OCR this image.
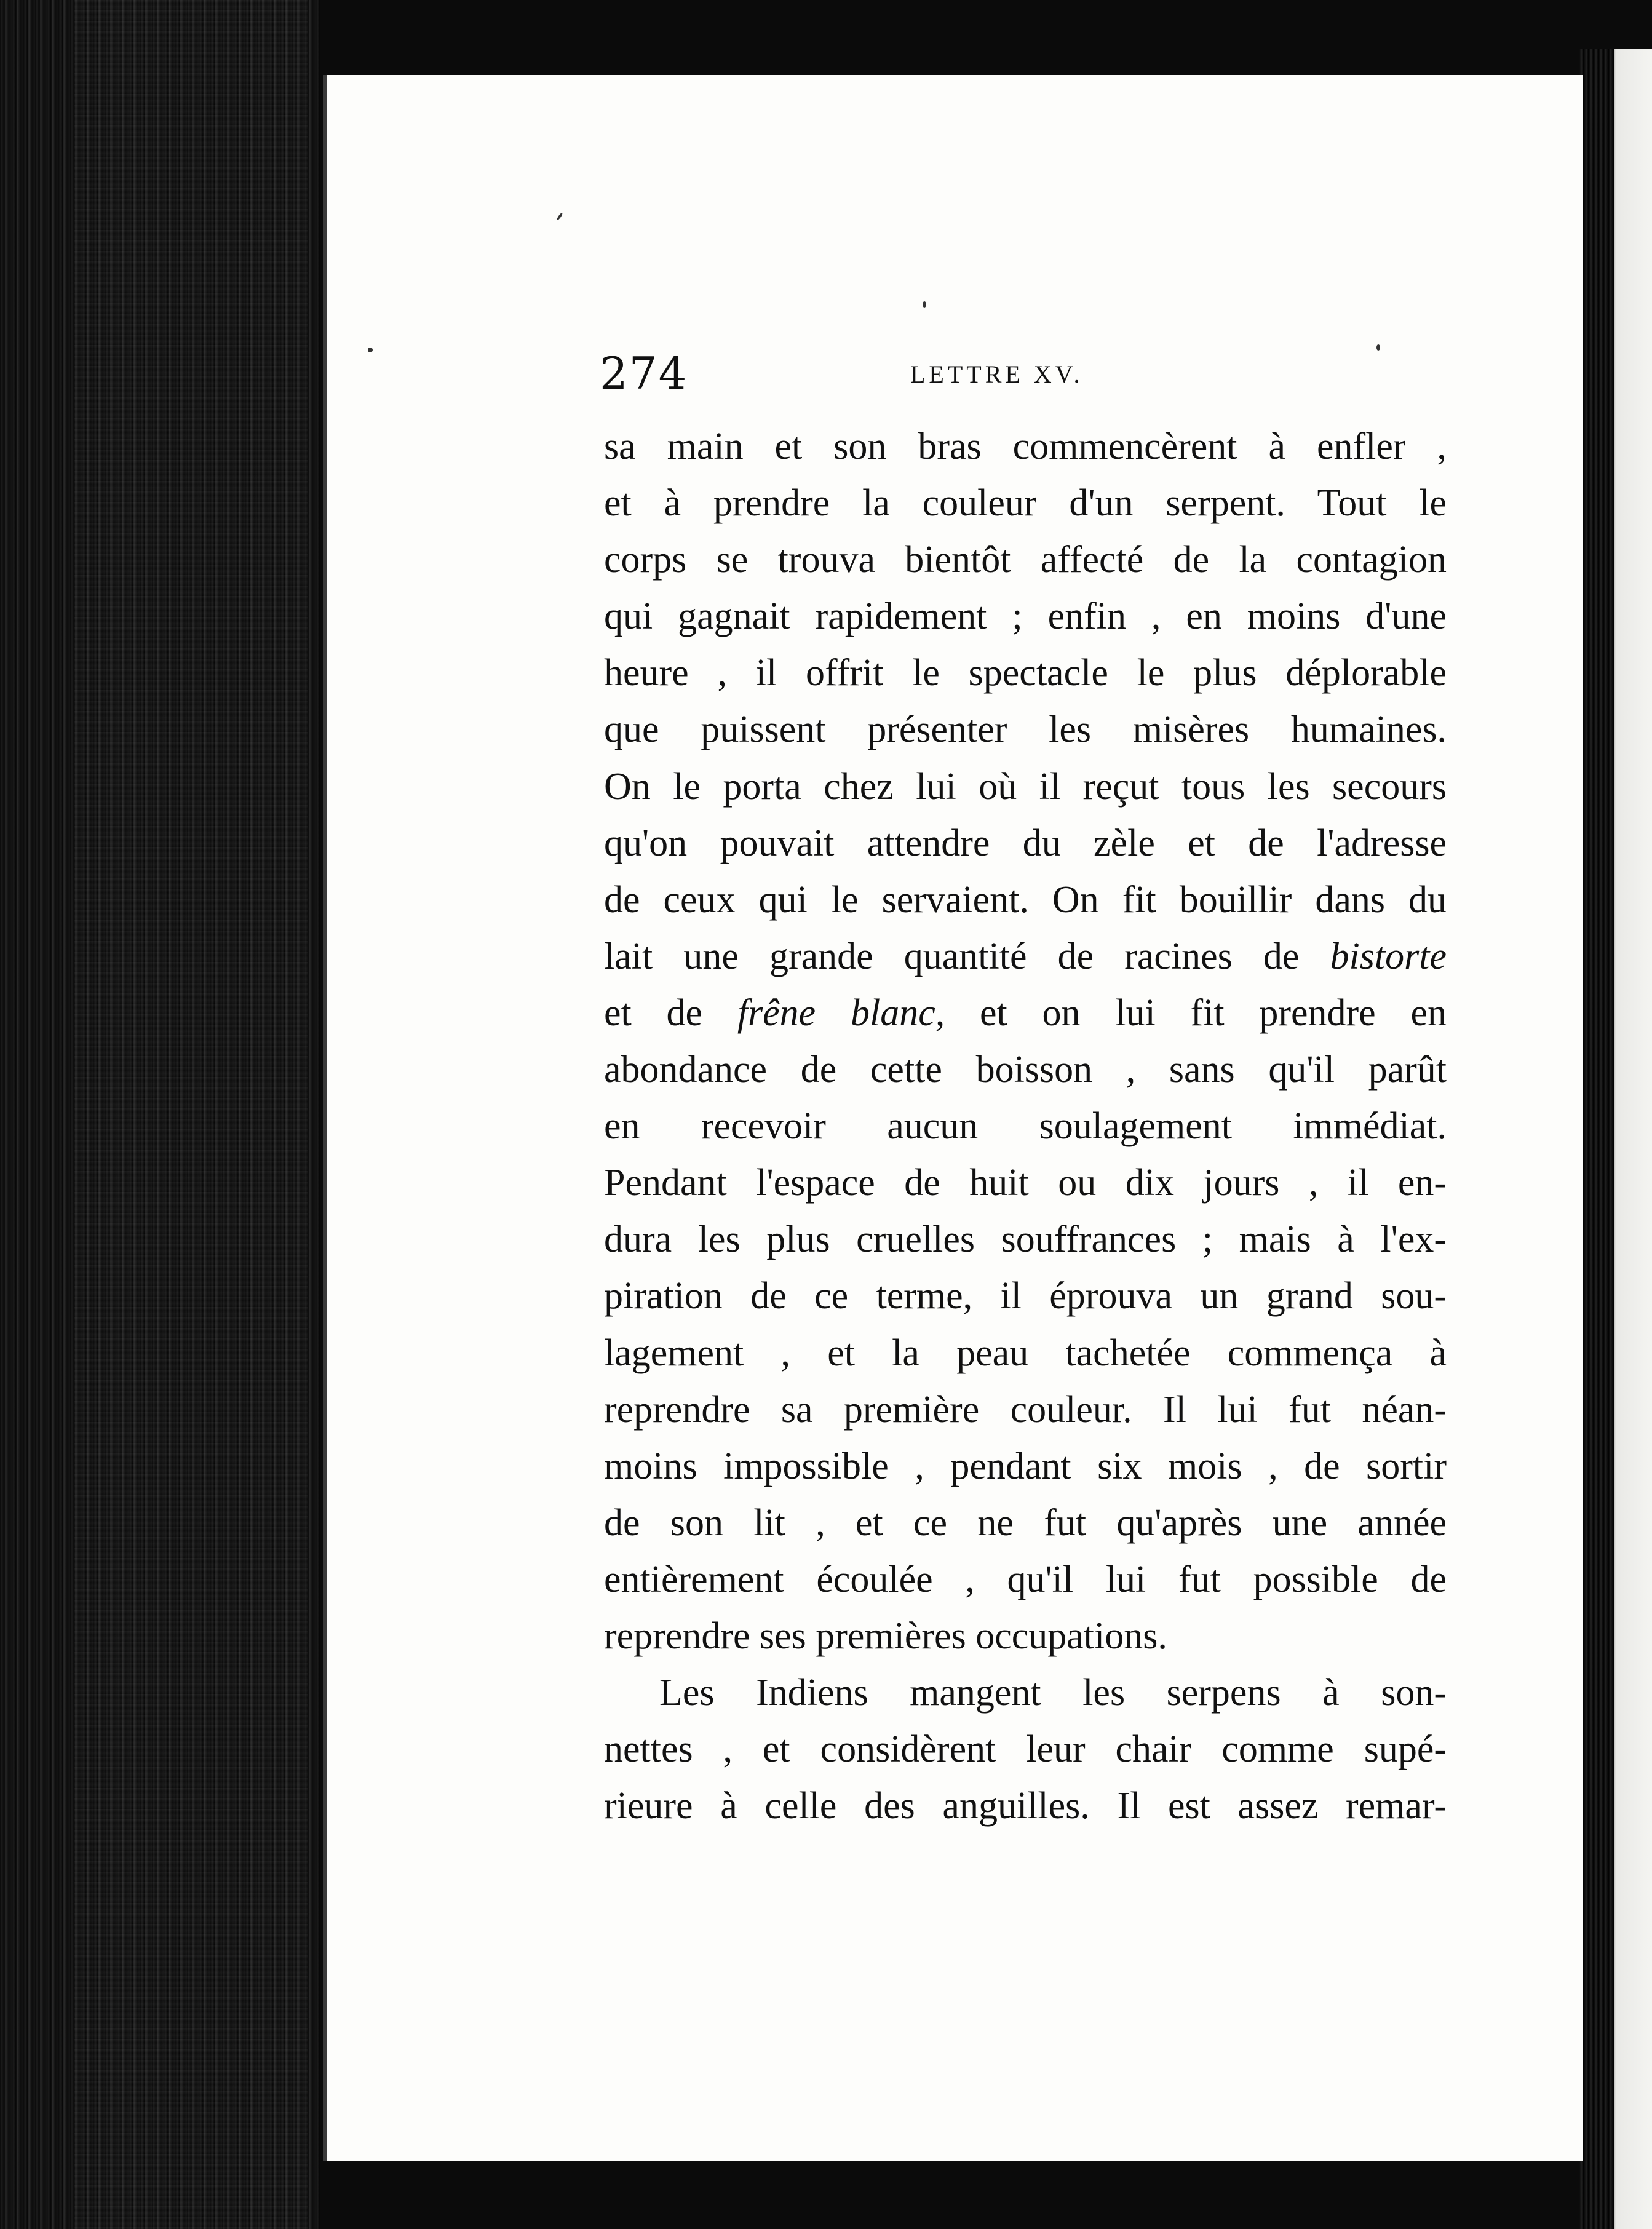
274	LETTRE XV.
sa main et son bras commencèrent à enfler ,
et à prendre la couleur d'un serpent. Tout le
corps se trouva bientôt affecté de la contagion
qui gagnait rapidement ; enfin , en moins d'une
heure , il offrit le spectacle le plus déplorable
que puissent présenter les misères humaines.
On le porta chez lui où il reçut tous les secours
qu'on pouvait attendre du zèle et de l'adresse
de ceux qui le servaient. On fit bouillir dans du
lait une grande quantité de racines de bistorte
et de frêne blanc, et on lui fit prendre en
abondance de cette boisson , sans qu'il parût
en recevoir aucun soulagement immédiat.
Pendant l'espace de huit ou dix jours , il en-
dura les plus cruelles souffrances ; mais à l'ex-
piration de ce terme, il éprouva un grand sou-
lagement , et la peau tachetée commença à
reprendre sa première couleur. Il lui fut néan-
moins impossible , pendant six mois , de sortir
de son lit , et ce ne fut qu'après une année
entièrement écoulée , qu'il lui fut possible de
reprendre ses premières occupations.
Les Indiens mangent les serpens à son-
nettes , et considèrent leur chair comme supé-
rieure à celle des anguilles. Il est assez remar-
